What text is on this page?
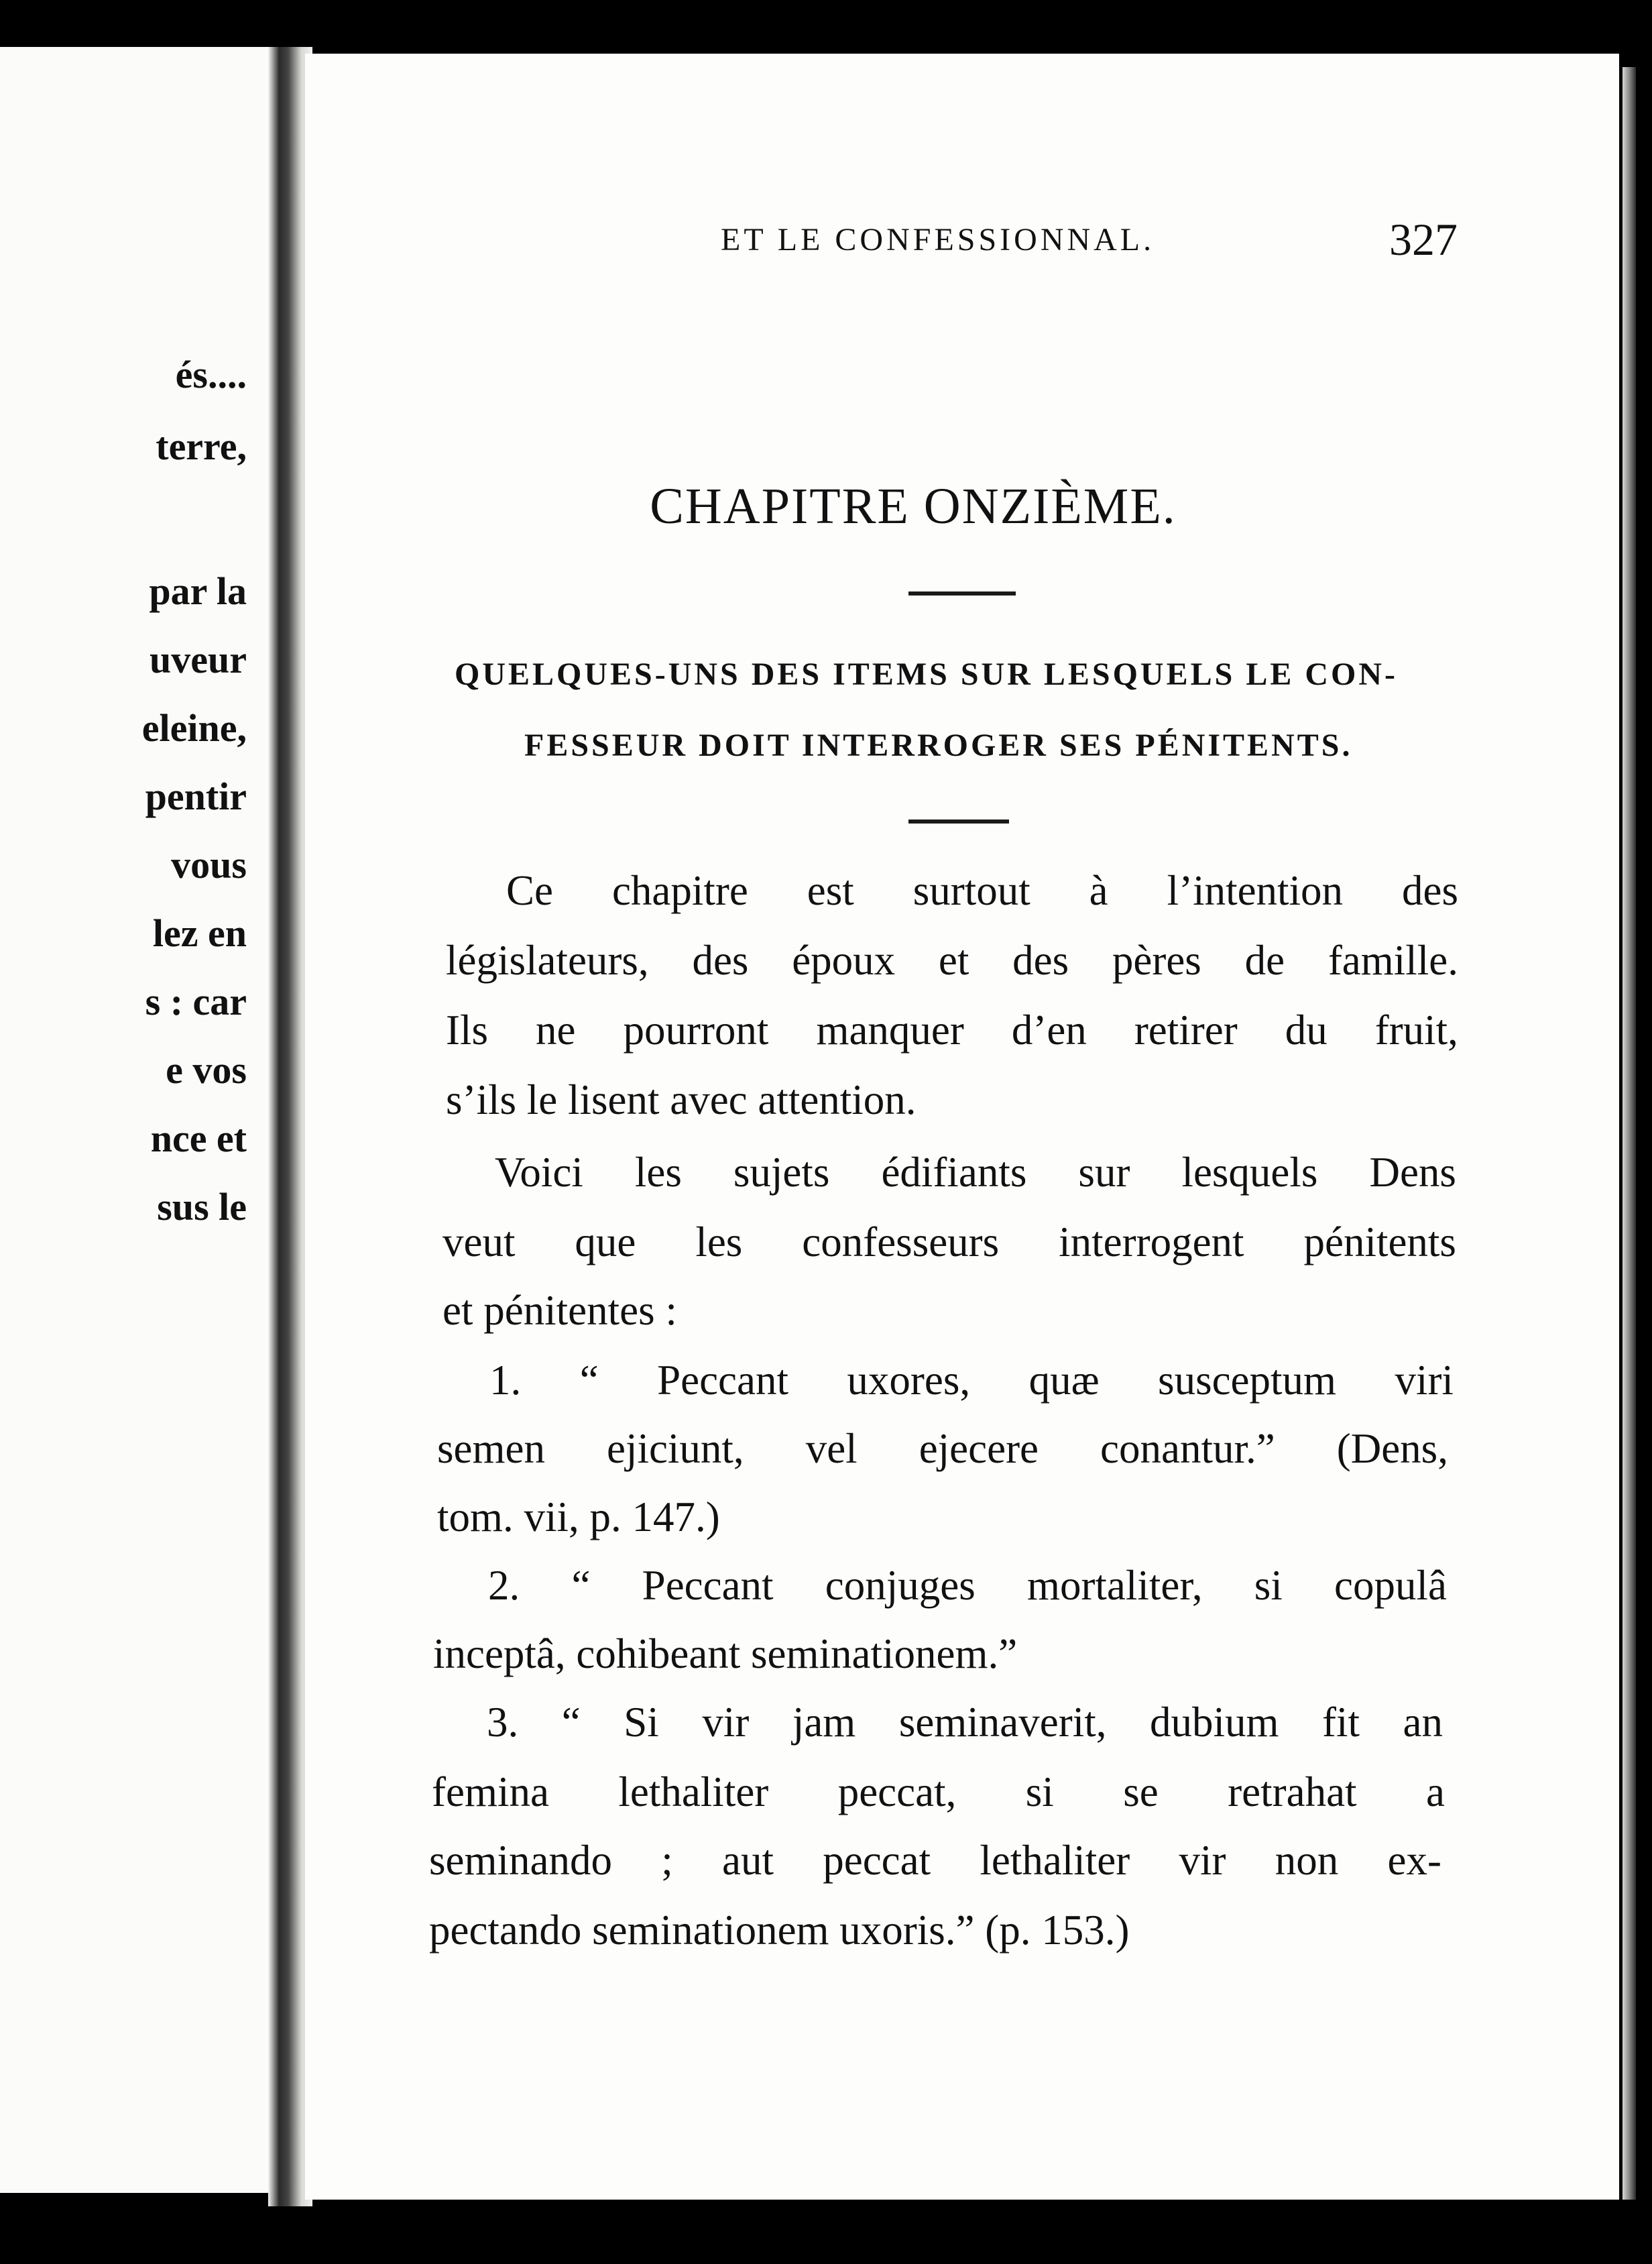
és....
terre,
par la
uveur
eleine,
pentir
vous
lez en
s : car
e vos
nce et
sus le
ET LE CONFESSIONNAL.	327
CHAPITRE ONZIÈME.
QUELQUES-UNS DES ITEMS SUR LESQUELS LE CON-
FESSEUR DOIT INTERROGER SES PÉNITENTS.
Ce chapitre est surtout à l’intention des
législateurs, des époux et des pères de famille.
Ils ne pourront manquer d’en retirer du fruit,
s’ils le lisent avec attention.
Voici les sujets édifiants sur lesquels Dens
veut que les confesseurs interrogent pénitents
et pénitentes :
1. “ Peccant uxores, quæ susceptum viri
semen ejiciunt, vel ejecere conantur.” (Dens,
tom. vii, p. 147.)
2. “ Peccant conjuges mortaliter, si copulâ
inceptâ, cohibeant seminationem.”
3. “ Si vir jam seminaverit, dubium fit an
femina lethaliter peccat, si se retrahat a
seminando ; aut peccat lethaliter vir non ex-
pectando seminationem uxoris.” (p. 153.)
